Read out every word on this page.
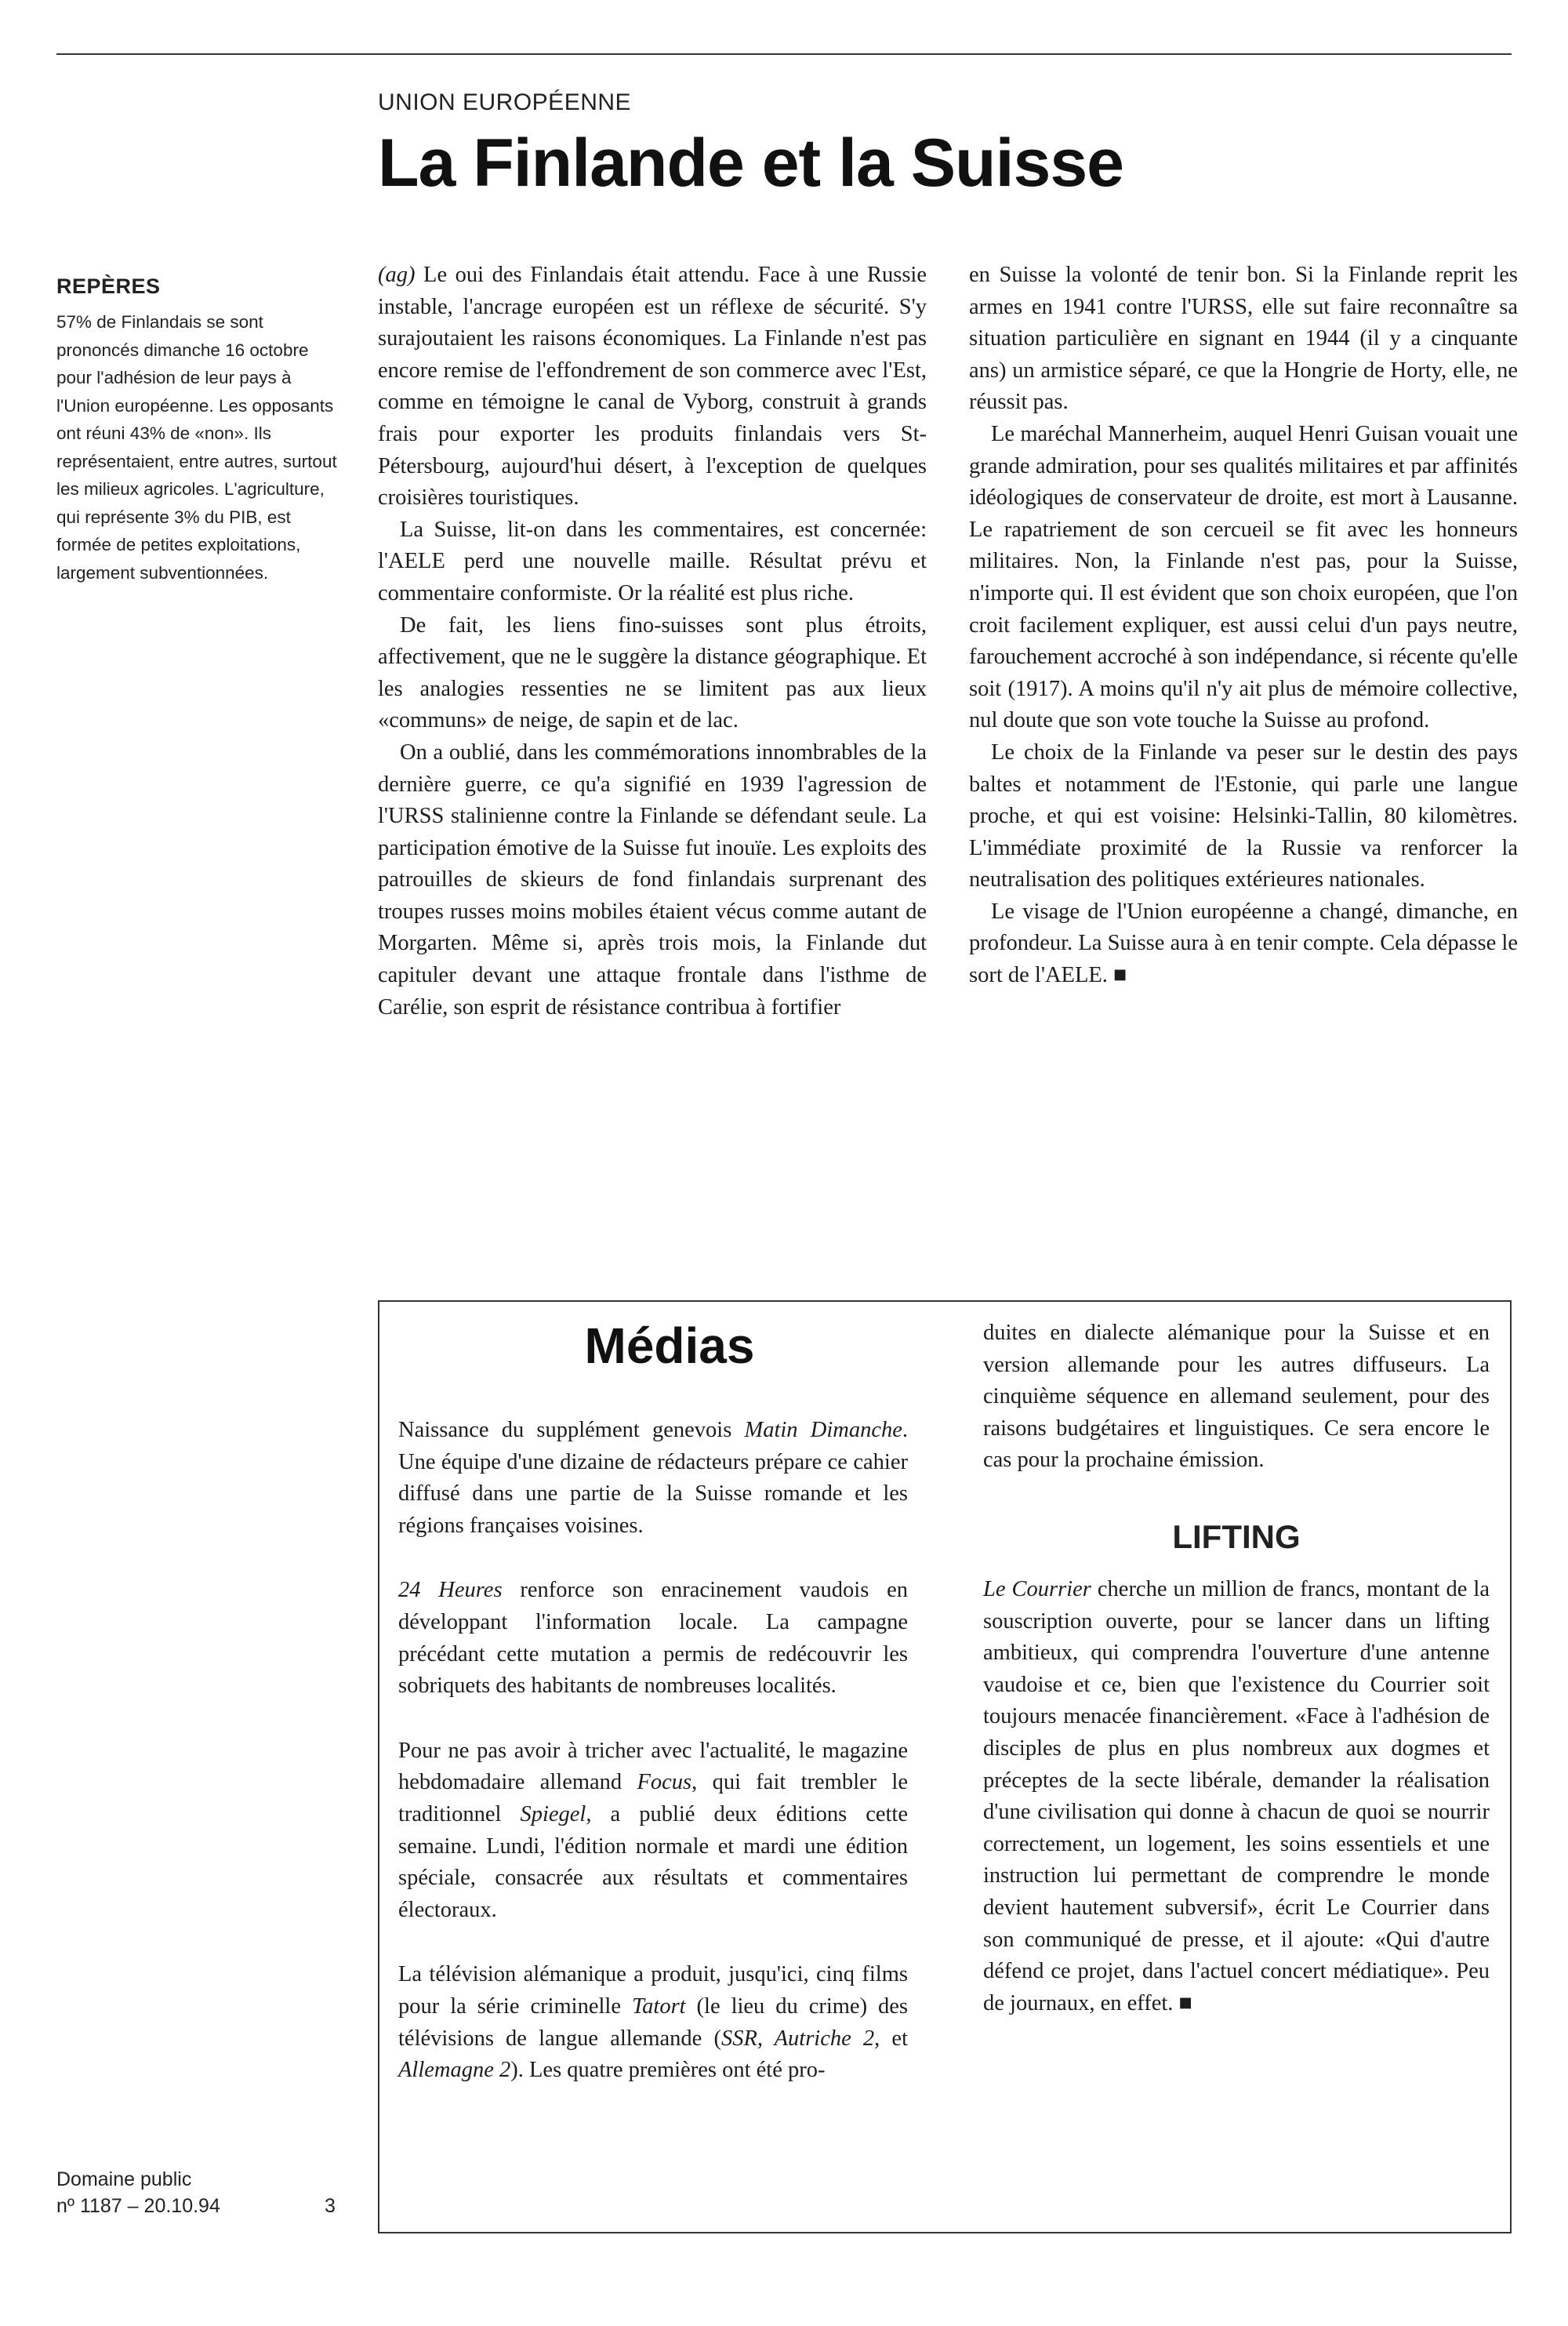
UNION EUROPÉENNE
La Finlande et la Suisse
REPÈRES

57% de Finlandais se sont prononcés dimanche 16 octobre pour l'adhésion de leur pays à l'Union européenne. Les opposants ont réuni 43% de «non». Ils représentaient, entre autres, surtout les milieux agricoles. L'agriculture, qui représente 3% du PIB, est formée de petites exploitations, largement subventionnées.

(ag) Le oui des Finlandais était attendu. Face à une Russie instable, l'ancrage européen est un réflexe de sécurité. S'y surajoutaient les raisons économiques. La Finlande n'est pas encore remise de l'effondrement de son commerce avec l'Est, comme en témoigne le canal de Vyborg, construit à grands frais pour exporter les produits finlandais vers St-Pétersbourg, aujourd'hui désert, à l'exception de quelques croisières touristiques.

La Suisse, lit-on dans les commentaires, est concernée: l'AELE perd une nouvelle maille. Résultat prévu et commentaire conformiste. Or la réalité est plus riche.

De fait, les liens fino-suisses sont plus étroits, affectivement, que ne le suggère la distance géographique. Et les analogies ressenties ne se limitent pas aux lieux «communs» de neige, de sapin et de lac.

On a oublié, dans les commémorations innombrables de la dernière guerre, ce qu'a signifié en 1939 l'agression de l'URSS stalinienne contre la Finlande se défendant seule. La participation émotive de la Suisse fut inouïe. Les exploits des patrouilles de skieurs de fond finlandais surprenant des troupes russes moins mobiles étaient vécus comme autant de Morgarten. Même si, après trois mois, la Finlande dut capituler devant une attaque frontale dans l'isthme de Carélie, son esprit de résistance contribua à fortifier

en Suisse la volonté de tenir bon. Si la Finlande reprit les armes en 1941 contre l'URSS, elle sut faire reconnaître sa situation particulière en signant en 1944 (il y a cinquante ans) un armistice séparé, ce que la Hongrie de Horty, elle, ne réussit pas.

Le maréchal Mannerheim, auquel Henri Guisan vouait une grande admiration, pour ses qualités militaires et par affinités idéologiques de conservateur de droite, est mort à Lausanne. Le rapatriement de son cercueil se fit avec les honneurs militaires. Non, la Finlande n'est pas, pour la Suisse, n'importe qui. Il est évident que son choix européen, que l'on croit facilement expliquer, est aussi celui d'un pays neutre, farouchement accroché à son indépendance, si récente qu'elle soit (1917). A moins qu'il n'y ait plus de mémoire collective, nul doute que son vote touche la Suisse au profond.

Le choix de la Finlande va peser sur le destin des pays baltes et notamment de l'Estonie, qui parle une langue proche, et qui est voisine: Helsinki-Tallin, 80 kilomètres. L'immédiate proximité de la Russie va renforcer la neutralisation des politiques extérieures nationales.

Le visage de l'Union européenne a changé, dimanche, en profondeur. La Suisse aura à en tenir compte. Cela dépasse le sort de l'AELE. ■

Médias

Naissance du supplément genevois Matin Dimanche. Une équipe d'une dizaine de rédacteurs prépare ce cahier diffusé dans une partie de la Suisse romande et les régions françaises voisines.

24 Heures renforce son enracinement vaudois en développant l'information locale. La campagne précédant cette mutation a permis de redécouvrir les sobriquets des habitants de nombreuses localités.

Pour ne pas avoir à tricher avec l'actualité, le magazine hebdomadaire allemand Focus, qui fait trembler le traditionnel Spiegel, a publié deux éditions cette semaine. Lundi, l'édition normale et mardi une édition spéciale, consacrée aux résultats et commentaires électoraux.

La télévision alémanique a produit, jusqu'ici, cinq films pour la série criminelle Tatort (le lieu du crime) des télévisions de langue allemande (SSR, Autriche 2, et Allemagne 2). Les quatre premières ont été pro-

duites en dialecte alémanique pour la Suisse et en version allemande pour les autres diffuseurs. La cinquième séquence en allemand seulement, pour des raisons budgétaires et linguistiques. Ce sera encore le cas pour la prochaine émission.

LIFTING

Le Courrier cherche un million de francs, montant de la souscription ouverte, pour se lancer dans un lifting ambitieux, qui comprendra l'ouverture d'une antenne vaudoise et ce, bien que l'existence du Courrier soit toujours menacée financièrement. «Face à l'adhésion de disciples de plus en plus nombreux aux dogmes et préceptes de la secte libérale, demander la réalisation d'une civilisation qui donne à chacun de quoi se nourrir correctement, un logement, les soins essentiels et une instruction lui permettant de comprendre le monde devient hautement subversif», écrit Le Courrier dans son communiqué de presse, et il ajoute: «Qui d'autre défend ce projet, dans l'actuel concert médiatique». Peu de journaux, en effet. ■

Domaine public
nº 1187 – 20.10.94	3
